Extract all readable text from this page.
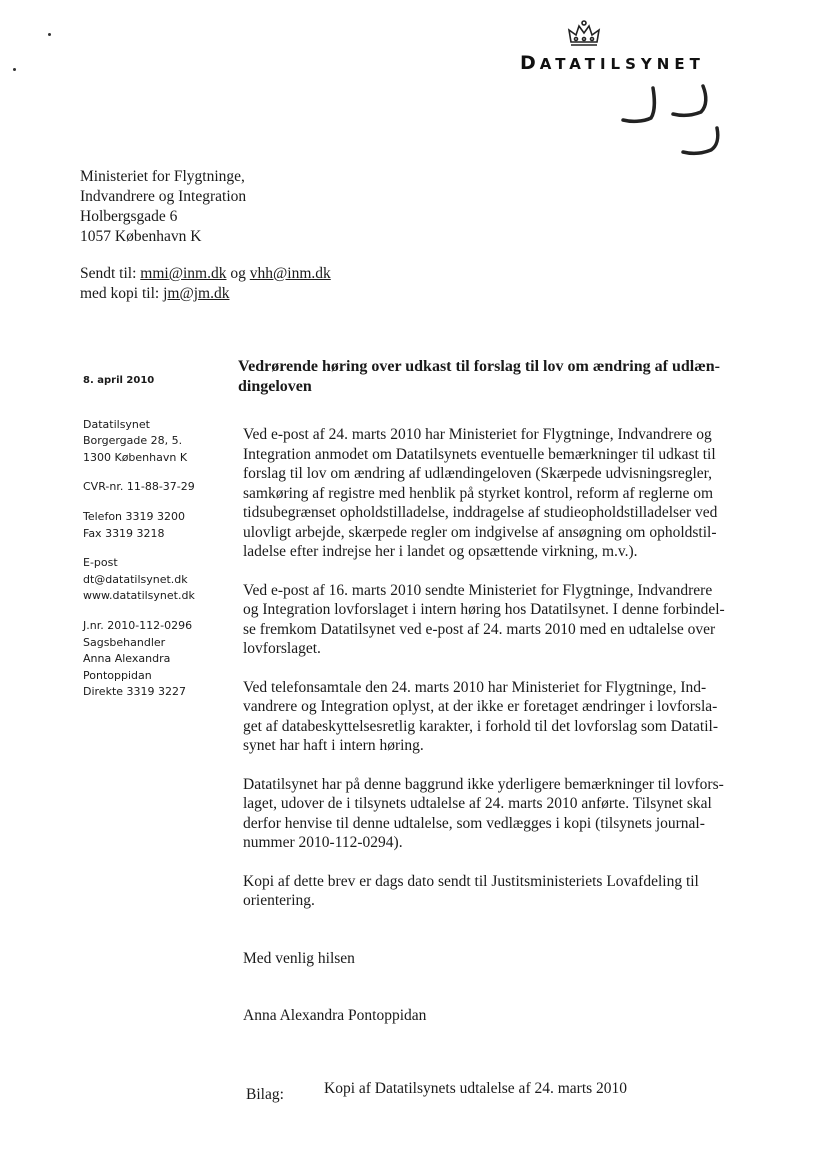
DATATILSYNET
Ministeriet for Flygtninge,
Indvandrere og Integration
Holbergsgade 6
1057 København K
Sendt til: mmi@inm.dk og vhh@inm.dk
med kopi til: jm@jm.dk
8. april 2010
Datatilsynet
Borgergade 28, 5.
1300 København K
CVR-nr. 11-88-37-29
Telefon 3319 3200
Fax 3319 3218
E-post
dt@datatilsynet.dk
www.datatilsynet.dk
J.nr. 2010-112-0296
Sagsbehandler
Anna Alexandra
Pontoppidan
Direkte 3319 3227
Vedrørende høring over udkast til forslag til lov om ændring af udlæn-
dingeloven

Ved e-post af 24. marts 2010 har Ministeriet for Flygtninge, Indvandrere og

Integration anmodet om Datatilsynets eventuelle bemærkninger til udkast til

forslag til lov om ændring af udlændingeloven (Skærpede udvisningsregler,

samkøring af registre med henblik på styrket kontrol, reform af reglerne om

tidsubegrænset opholdstilladelse, inddragelse af studieopholdstilladelser ved

ulovligt arbejde, skærpede regler om indgivelse af ansøgning om opholdstil-

ladelse efter indrejse her i landet og opsættende virkning, m.v.).

Ved e-post af 16. marts 2010 sendte Ministeriet for Flygtninge, Indvandrere

og Integration lovforslaget i intern høring hos Datatilsynet. I denne forbindel-

se fremkom Datatilsynet ved e-post af 24. marts 2010 med en udtalelse over

lovforslaget.

Ved telefonsamtale den 24. marts 2010 har Ministeriet for Flygtninge, Ind-

vandrere og Integration oplyst, at der ikke er foretaget ændringer i lovforsla-

get af databeskyttelsesretlig karakter, i forhold til det lovforslag som Datatil-

synet har haft i intern høring.

Datatilsynet har på denne baggrund ikke yderligere bemærkninger til lovfors-

laget, udover de i tilsynets udtalelse af 24. marts 2010 anførte. Tilsynet skal

derfor henvise til denne udtalelse, som vedlægges i kopi (tilsynets journal-

nummer 2010-112-0294).

Kopi af dette brev er dags dato sendt til Justitsministeriets Lovafdeling til

orientering.

Med venlig hilsen
Anna Alexandra Pontoppidan
Bilag:	Kopi af Datatilsynets udtalelse af 24. marts 2010
